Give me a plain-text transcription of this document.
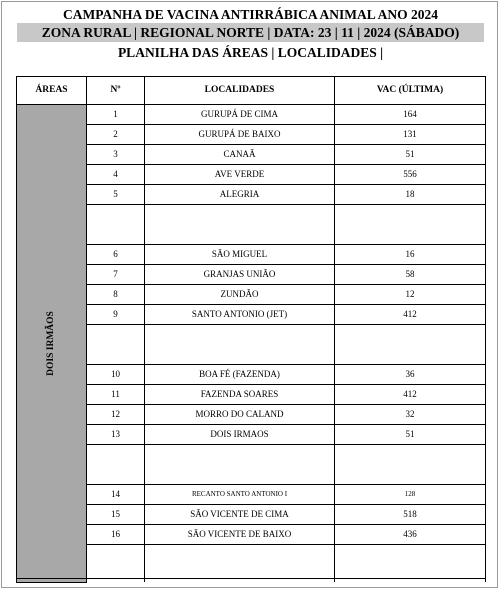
CAMPANHA DE VACINA ANTIRRÁBICA ANIMAL ANO 2024
ZONA RURAL | REGIONAL NORTE | DATA: 23 | 11 | 2024 (SÁBADO)
PLANILHA DAS ÁREAS | LOCALIDADES |
ÁREAS	Nº	LOCALIDADES	VAC (ÚLTIMA)
DOIS IRMÃOS	1	GURUPÁ DE CIMA	164
	2	GURUPÁ DE BAIXO	131
	3	CANAÃ	51
	4	AVE VERDE	556
	5	ALEGRIA	18

	6	SÃO MIGUEL	16
	7	GRANJAS UNIÃO	58
	8	ZUNDÃO	12
	9	SANTO ANTONIO (JET)	412

	10	BOA FÉ (FAZENDA)	36
	11	FAZENDA SOARES	412
	12	MORRO DO CALAND	32
	13	DOIS IRMAOS	51

	14	RECANTO SANTO ANTONIO I	128
	15	SÃO VICENTE DE CIMA	518
	16	SÃO VICENTE DE BAIXO	436
